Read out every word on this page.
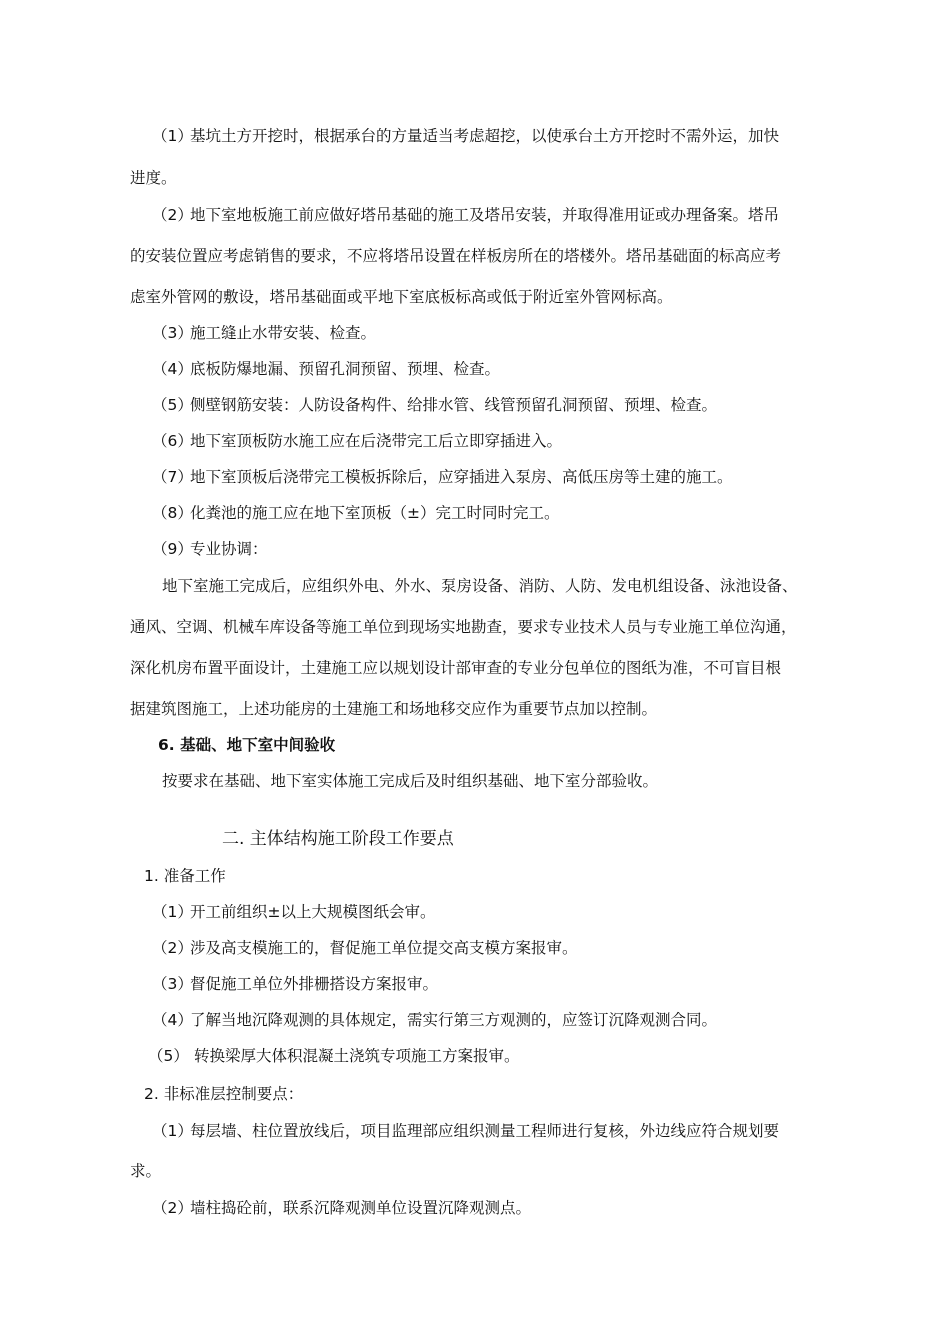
（1）基坑土方开挖时，根据承台的方量适当考虑超挖，以使承台土方开挖时不需外运，加快
进度。
（2）地下室地板施工前应做好塔吊基础的施工及塔吊安装，并取得准用证或办理备案。塔吊
的安装位置应考虑销售的要求，不应将塔吊设置在样板房所在的塔楼外。塔吊基础面的标高应考
虑室外管网的敷设，塔吊基础面或平地下室底板标高或低于附近室外管网标高。
（3）施工缝止水带安装、检查。
（4）底板防爆地漏、预留孔洞预留、预埋、检查。
（5）侧壁钢筋安装：人防设备构件、给排水管、线管预留孔洞预留、预埋、检查。
（6）地下室顶板防水施工应在后浇带完工后立即穿插进入。
（7）地下室顶板后浇带完工模板拆除后，应穿插进入泵房、高低压房等土建的施工。
（8）化粪池的施工应在地下室顶板（±）完工时同时完工。
（9）专业协调：
地下室施工完成后，应组织外电、外水、泵房设备、消防、人防、发电机组设备、泳池设备、
通风、空调、机械车库设备等施工单位到现场实地勘查，要求专业技术人员与专业施工单位沟通，
深化机房布置平面设计，土建施工应以规划设计部审查的专业分包单位的图纸为准，不可盲目根
据建筑图施工，上述功能房的土建施工和场地移交应作为重要节点加以控制。
6. 基础、地下室中间验收
按要求在基础、地下室实体施工完成后及时组织基础、地下室分部验收。
二. 主体结构施工阶段工作要点
1. 准备工作
（1）开工前组织±以上大规模图纸会审。
（2）涉及高支模施工的，督促施工单位提交高支模方案报审。
（3）督促施工单位外排栅搭设方案报审。
（4）了解当地沉降观测的具体规定，需实行第三方观测的，应签订沉降观测合同。
（5） 转换梁厚大体积混凝土浇筑专项施工方案报审。
2. 非标准层控制要点：
（1）每层墙、柱位置放线后，项目监理部应组织测量工程师进行复核，外边线应符合规划要
求。
（2）墙柱捣砼前，联系沉降观测单位设置沉降观测点。
